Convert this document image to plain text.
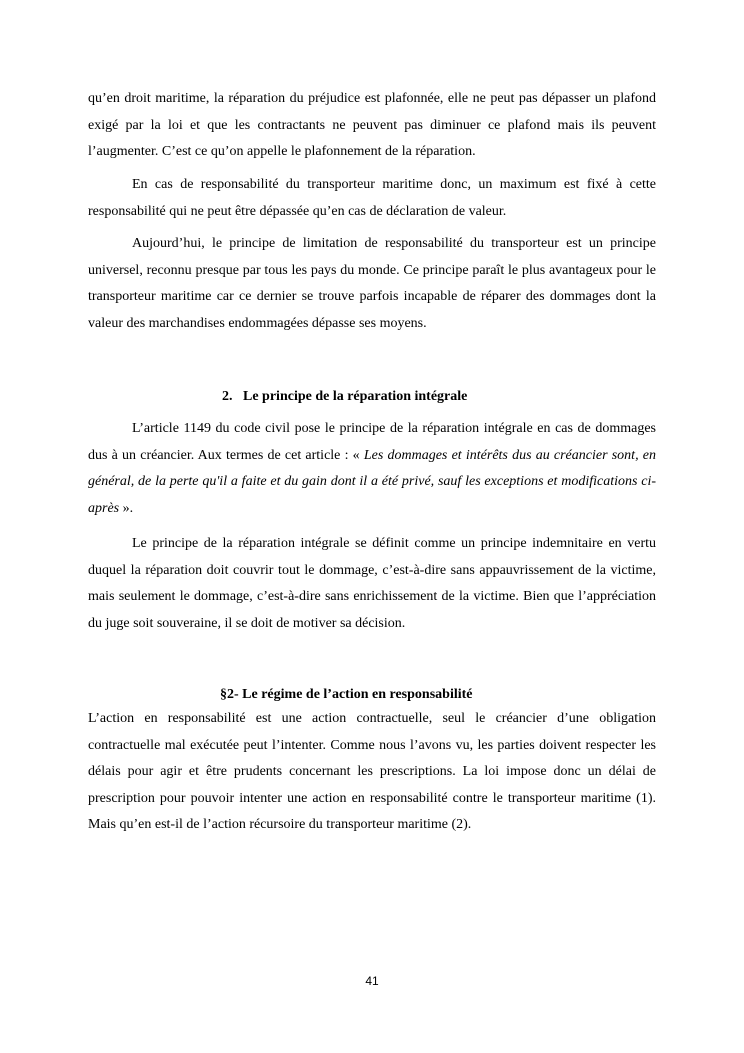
qu’en droit maritime, la réparation du préjudice est plafonnée, elle ne peut pas dépasser un plafond exigé par la loi et que les contractants ne peuvent pas diminuer ce plafond mais ils peuvent l’augmenter. C’est ce qu’on appelle le plafonnement de la réparation.

En cas de responsabilité du transporteur maritime donc, un maximum est fixé à cette responsabilité qui ne peut être dépassée qu’en cas de déclaration de valeur.

Aujourd’hui, le principe de limitation de responsabilité du transporteur est un principe universel, reconnu presque par tous les pays du monde. Ce principe paraît le plus avantageux pour le transporteur maritime car ce dernier se trouve parfois incapable de réparer des dommages dont la valeur des marchandises endommagées dépasse ses moyens.

2. Le principe de la réparation intégrale

L’article 1149 du code civil pose le principe de la réparation intégrale en cas de dommages dus à un créancier. Aux termes de cet article : « Les dommages et intérêts dus au créancier sont, en général, de la perte qu'il a faite et du gain dont il a été privé, sauf les exceptions et modifications ci-après ».

Le principe de la réparation intégrale se définit comme un principe indemnitaire en vertu duquel la réparation doit couvrir tout le dommage, c’est-à-dire sans appauvrissement de la victime, mais seulement le dommage, c’est-à-dire sans enrichissement de la victime. Bien que l’appréciation du juge soit souveraine, il se doit de motiver sa décision.

§2- Le régime de l’action en responsabilité

L’action en responsabilité est une action contractuelle, seul le créancier d’une obligation contractuelle mal exécutée peut l’intenter. Comme nous l’avons vu, les parties doivent respecter les délais pour agir et être prudents concernant les prescriptions. La loi impose donc un délai de prescription pour pouvoir intenter une action en responsabilité contre le transporteur maritime (1). Mais qu’en est-il de l’action récursoire du transporteur maritime (2).

41
